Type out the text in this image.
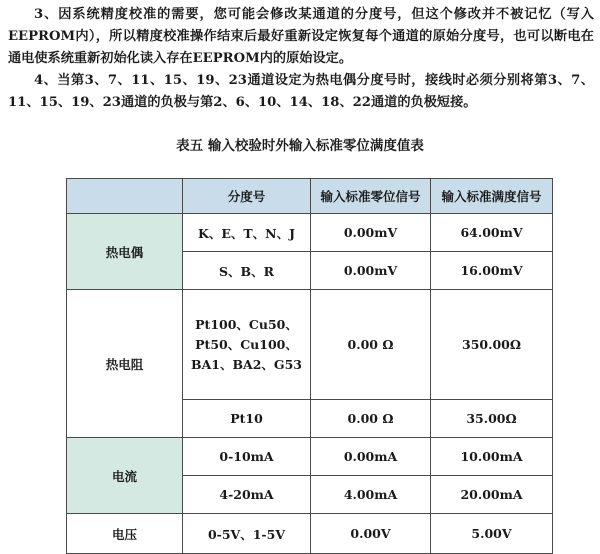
3、因系统精度校准的需要，您可能会修改某通道的分度号，但这个修改并不被记忆（写入EEPROM内），所以精度校准操作结束后最好重新设定恢复每个通道的原始分度号，也可以断电在通电使系统重新初始化读入存在EEPROM内的原始设定。

4、当第3、7、11、15、19、23通道设定为热电偶分度号时，接线时必须分别将第3、7、11、15、19、23通道的负极与第2、6、10、14、18、22通道的负极短接。

表五 输入校验时外输入标准零位满度值表

	分度号	输入标准零位信号	输入标准满度信号
热电偶	K、E、T、N、J	0.00mV	64.00mV
	S、B、R	0.00mV	16.00mV
热电阻	Pt100、Cu50、
Pt50、Cu100、
BA1、BA2、G53	0.00 Ω	350.00Ω
	Pt10	0.00 Ω	35.00Ω
电流	0-10mA	0.00mA	10.00mA
	4-20mA	4.00mA	20.00mA
电压	0-5V、1-5V	0.00V	5.00V
